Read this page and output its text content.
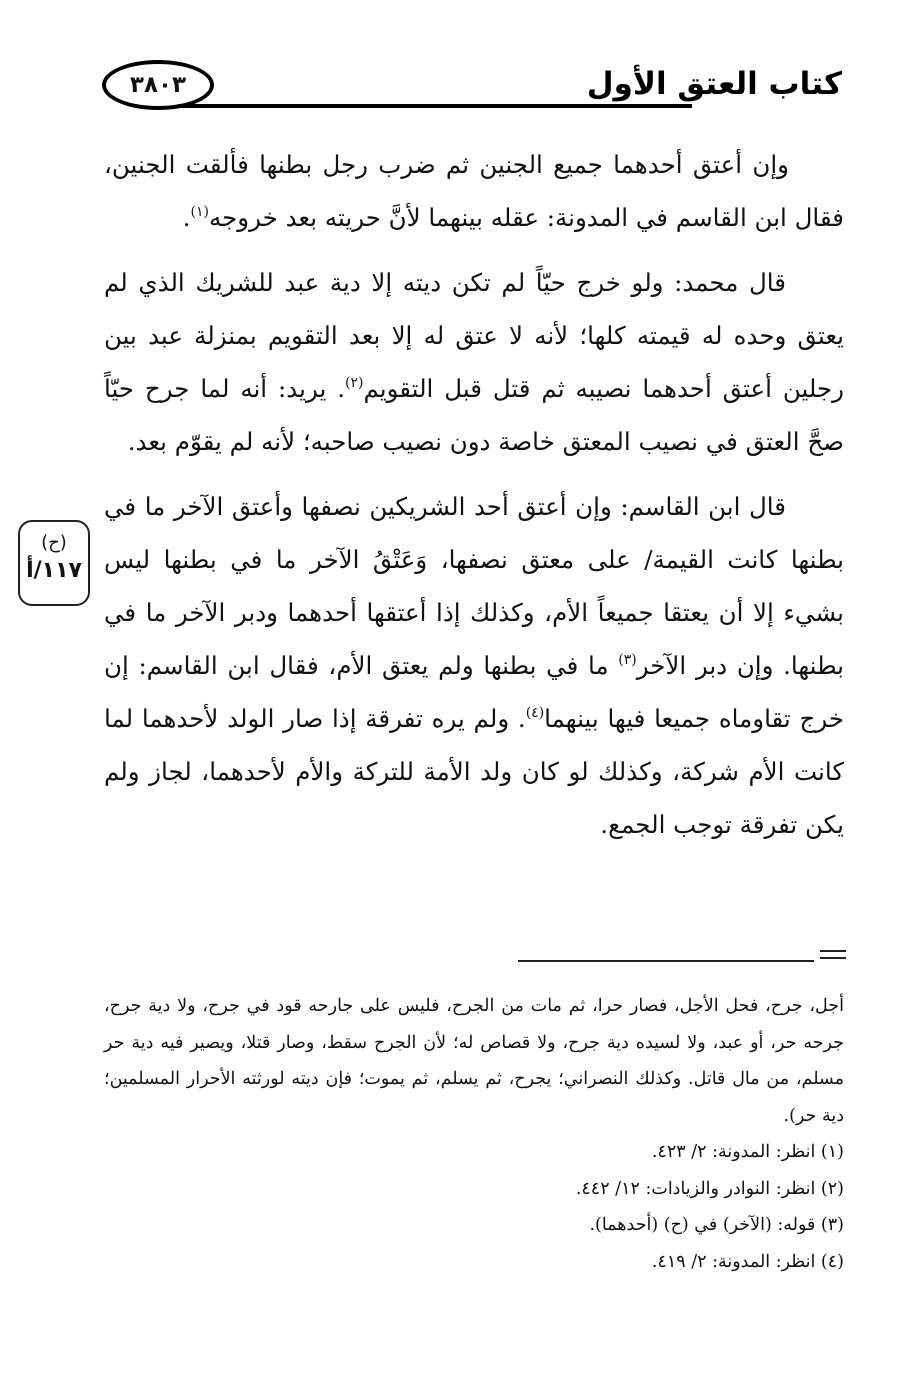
كتاب العتق الأول
٣٨٠٣

وإن أعتق أحدهما جميع الجنين ثم ضرب رجل بطنها فألقت الجنين، فقال ابن القاسم في المدونة: عقله بينهما لأنَّ حريته بعد خروجه$^{(١)}$.

قال محمد: ولو خرج حيّاً لم تكن ديته إلا دية عبد للشريك الذي لم يعتق وحده له قيمته كلها؛ لأنه لا عتق له إلا بعد التقويم بمنزلة عبد بين رجلين أعتق أحدهما نصيبه ثم قتل قبل التقويم$^{(٢)}$. يريد: أنه لما جرح حيّاً صحَّ العتق في نصيب المعتق خاصة دون نصيب صاحبه؛ لأنه لم يقوّم بعد.

قال ابن القاسم: وإن أعتق أحد الشريكين نصفها وأعتق الآخر ما في بطنها كانت القيمة/ على معتق نصفها، وَعَتْقُ الآخر ما في بطنها ليس بشيء إلا أن يعتقا جميعاً الأم، وكذلك إذا أعتقها أحدهما ودبر الآخر ما في بطنها. وإن دبر الآخر$^{(٣)}$ ما في بطنها ولم يعتق الأم، فقال ابن القاسم: إن خرج تقاوماه جميعا فيها بينهما$^{(٤)}$. ولم يره تفرقة إذا صار الولد لأحدهما لما كانت الأم شركة، وكذلك لو كان ولد الأمة للتركة والأم لأحدهما، لجاز ولم يكن تفرقة توجب الجمع.

(ح)
١١٧/أ

أجل، جرح، فحل الأجل، فصار حرا، ثم مات من الجرح، فليس على جارحه قود في جرح، ولا دية جرح، جرحه حر، أو عبد، ولا لسيده دية جرح، ولا قصاص له؛ لأن الجرح سقط، وصار قتلا، ويصير فيه دية حر مسلم، من مال قاتل. وكذلك النصراني؛ يجرح، ثم يسلم، ثم يموت؛ فإن ديته لورثته الأحرار المسلمين؛ دية حر).

(١) انظر: المدونة: ٢/ ٤٢٣.

(٢) انظر: النوادر والزيادات: ١٢/ ٤٤٢.

(٣) قوله: (الآخر) في (ح) (أحدهما).

(٤) انظر: المدونة: ٢/ ٤١٩.
